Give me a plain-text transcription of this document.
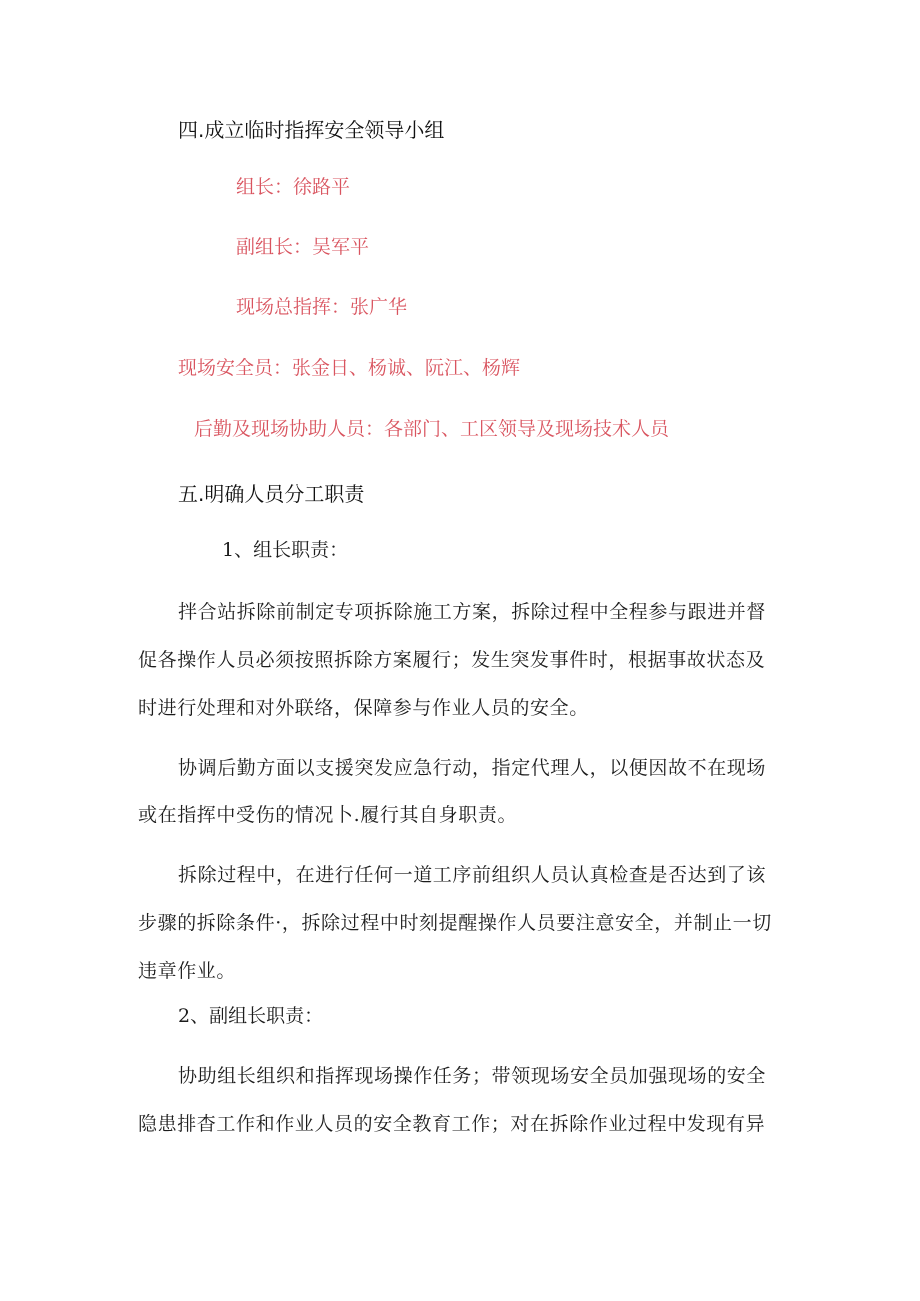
四.成立临时指挥安全领导小组
组长：徐路平
副组长：吴军平
现场总指挥：张广华
现场安全员：张金日、杨诚、阮江、杨辉
后勤及现场协助人员：各部门、工区领导及现场技术人员
五.明确人员分工职责
1、组长职责：
拌合站拆除前制定专项拆除施工方案，拆除过程中全程参与跟进并督
促各操作人员必须按照拆除方案履行；发生突发事件时，根据事故状态及
时进行处理和对外联络，保障参与作业人员的安全。
协调后勤方面以支援突发应急行动，指定代理人，以便因故不在现场
或在指挥中受伤的情况卜.履行其自身职责。
拆除过程中，在进行任何一道工序前组织人员认真检查是否达到了该
步骤的拆除条件·，拆除过程中时刻提醒操作人员要注意安全，并制止一切
违章作业。
2、副组长职责：
协助组长组织和指挥现场操作任务；带领现场安全员加强现场的安全
隐患排杳工作和作业人员的安全教育工作；对在拆除作业过程中发现有异
